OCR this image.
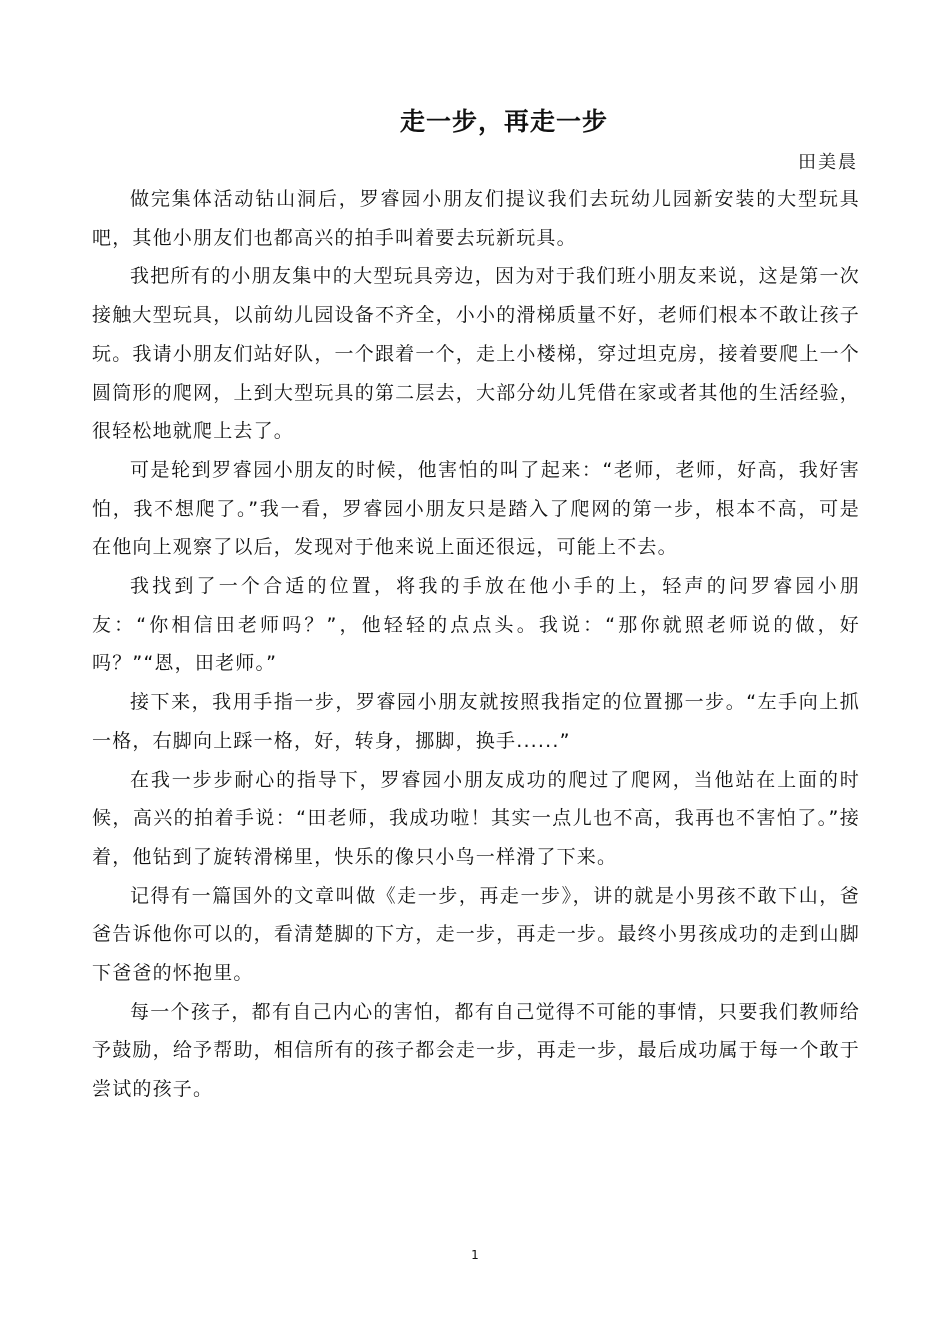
走一步，再走一步
田美晨

做完集体活动钻山洞后，罗睿园小朋友们提议我们去玩幼儿园新安装的大型玩具吧，其他小朋友们也都高兴的拍手叫着要去玩新玩具。

我把所有的小朋友集中的大型玩具旁边，因为对于我们班小朋友来说，这是第一次接触大型玩具，以前幼儿园设备不齐全，小小的滑梯质量不好，老师们根本不敢让孩子玩。我请小朋友们站好队，一个跟着一个，走上小楼梯，穿过坦克房，接着要爬上一个圆筒形的爬网，上到大型玩具的第二层去，大部分幼儿凭借在家或者其他的生活经验，很轻松地就爬上去了。

可是轮到罗睿园小朋友的时候，他害怕的叫了起来：“老师，老师，好高，我好害怕，我不想爬了。”我一看，罗睿园小朋友只是踏入了爬网的第一步，根本不高，可是在他向上观察了以后，发现对于他来说上面还很远，可能上不去。

我找到了一个合适的位置，将我的手放在他小手的上，轻声的问罗睿园小朋友：“你相信田老师吗？”，他轻轻的点点头。我说：“那你就照老师说的做，好吗？”“恩，田老师。”

接下来，我用手指一步，罗睿园小朋友就按照我指定的位置挪一步。“左手向上抓一格，右脚向上踩一格，好，转身，挪脚，换手......”

在我一步步耐心的指导下，罗睿园小朋友成功的爬过了爬网，当他站在上面的时候，高兴的拍着手说：“田老师，我成功啦！其实一点儿也不高，我再也不害怕了。”接着，他钻到了旋转滑梯里，快乐的像只小鸟一样滑了下来。

记得有一篇国外的文章叫做《走一步，再走一步》，讲的就是小男孩不敢下山，爸爸告诉他你可以的，看清楚脚的下方，走一步，再走一步。最终小男孩成功的走到山脚下爸爸的怀抱里。

每一个孩子，都有自己内心的害怕，都有自己觉得不可能的事情，只要我们教师给予鼓励，给予帮助，相信所有的孩子都会走一步，再走一步，最后成功属于每一个敢于尝试的孩子。

1
